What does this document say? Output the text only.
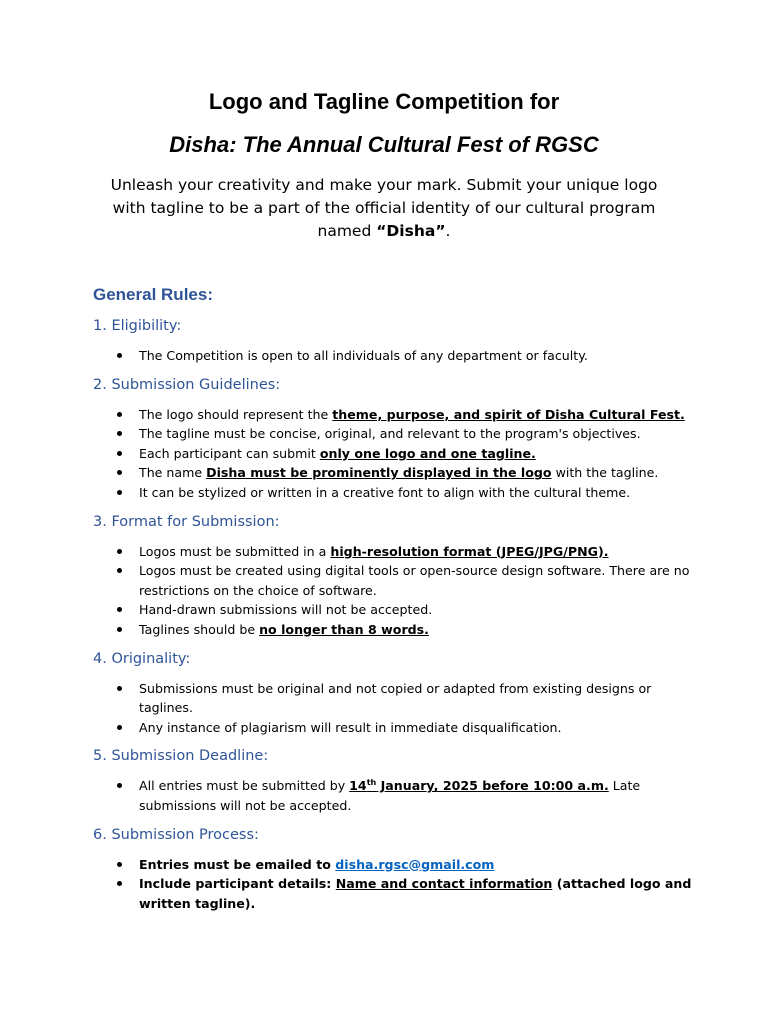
Logo and Tagline Competition for
Disha: The Annual Cultural Fest of RGSC
Unleash your creativity and make your mark. Submit your unique logo with tagline to be a part of the official identity of our cultural program named “Disha”.
General Rules:
1. Eligibility:
The Competition is open to all individuals of any department or faculty.
2. Submission Guidelines:
The logo should represent the theme, purpose, and spirit of Disha Cultural Fest.
The tagline must be concise, original, and relevant to the program's objectives.
Each participant can submit only one logo and one tagline.
The name Disha must be prominently displayed in the logo with the tagline.
It can be stylized or written in a creative font to align with the cultural theme.
3. Format for Submission:
Logos must be submitted in a high-resolution format (JPEG/JPG/PNG).
Logos must be created using digital tools or open-source design software. There are no restrictions on the choice of software.
Hand-drawn submissions will not be accepted.
Taglines should be no longer than 8 words.
4. Originality:
Submissions must be original and not copied or adapted from existing designs or taglines.
Any instance of plagiarism will result in immediate disqualification.
5. Submission Deadline:
All entries must be submitted by 14th January, 2025 before 10:00 a.m. Late submissions will not be accepted.
6. Submission Process:
Entries must be emailed to disha.rgsc@gmail.com
Include participant details: Name and contact information (attached logo and written tagline).
